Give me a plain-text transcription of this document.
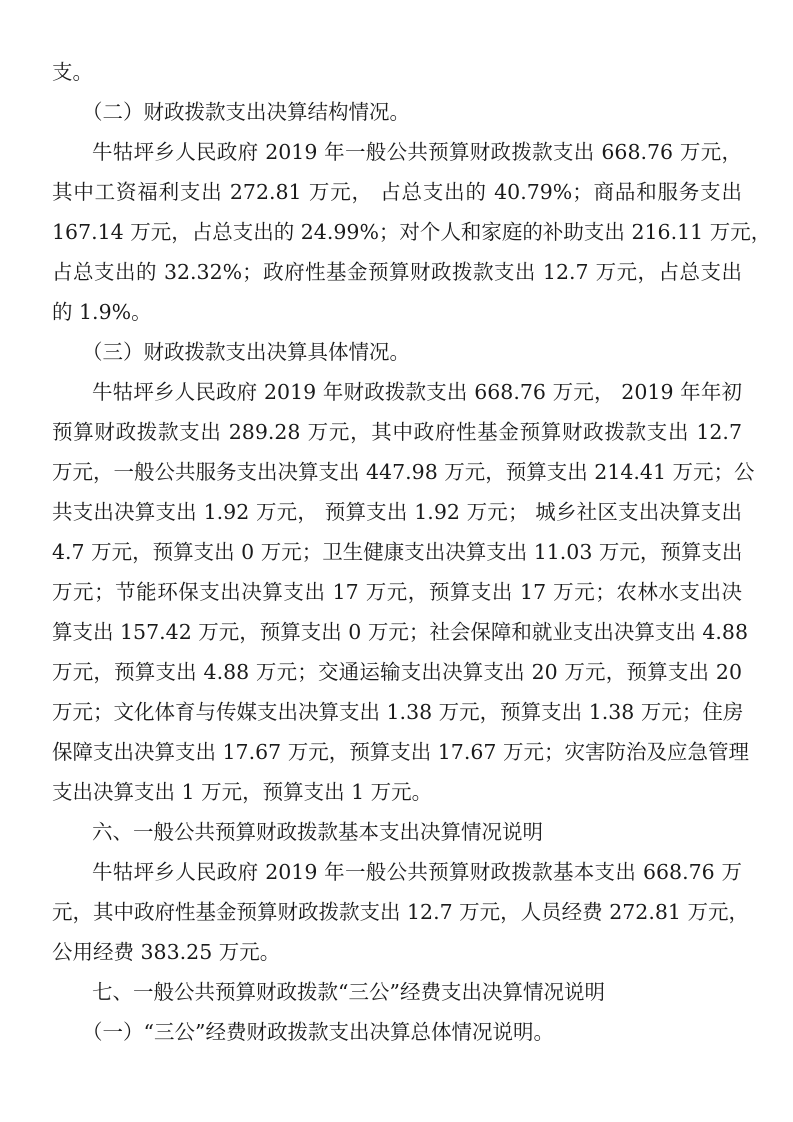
支。

（二）财政拨款支出决算结构情况。

牛牯坪乡人民政府 2019 年一般公共预算财政拨款支出 668.76 万元，

其中工资福利支出 272.81 万元， 占总支出的 40.79%；商品和服务支出

167.14 万元，占总支出的 24.99%；对个人和家庭的补助支出 216.11 万元，

占总支出的 32.32%；政府性基金预算财政拨款支出 12.7 万元，占总支出

的 1.9%。

（三）财政拨款支出决算具体情况。

牛牯坪乡人民政府 2019 年财政拨款支出 668.76 万元， 2019 年年初

预算财政拨款支出 289.28 万元，其中政府性基金预算财政拨款支出 12.7

万元，一般公共服务支出决算支出 447.98 万元，预算支出 214.41 万元；公

共支出决算支出 1.92 万元， 预算支出 1.92 万元； 城乡社区支出决算支出

4.7 万元，预算支出 0 万元；卫生健康支出决算支出 11.03 万元，预算支出

万元；节能环保支出决算支出 17 万元，预算支出 17 万元；农林水支出决

算支出 157.42 万元，预算支出 0 万元；社会保障和就业支出决算支出 4.88

万元，预算支出 4.88 万元；交通运输支出决算支出 20 万元，预算支出 20

万元；文化体育与传媒支出决算支出 1.38 万元，预算支出 1.38 万元；住房

保障支出决算支出 17.67 万元，预算支出 17.67 万元；灾害防治及应急管理

支出决算支出 1 万元，预算支出 1 万元。

六、一般公共预算财政拨款基本支出决算情况说明

牛牯坪乡人民政府 2019 年一般公共预算财政拨款基本支出 668.76 万

元，其中政府性基金预算财政拨款支出 12.7 万元，人员经费 272.81 万元，

公用经费 383.25 万元。

七、一般公共预算财政拨款“三公”经费支出决算情况说明

（一）“三公”经费财政拨款支出决算总体情况说明。
